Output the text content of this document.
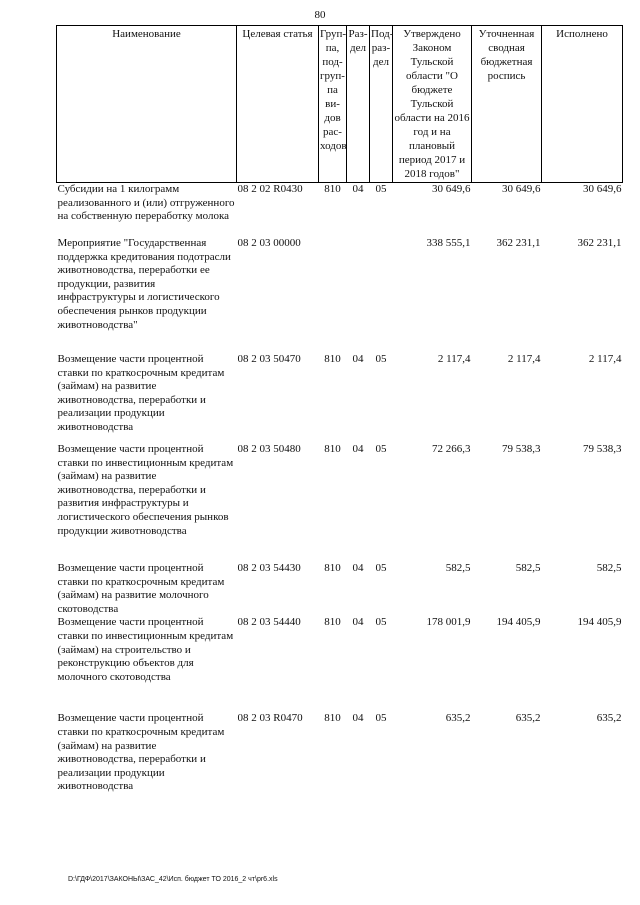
80
Наименование	Целевая статья	Груп-па, под-груп-па ви-дов рас-ходов	Раз-дел	Под-раз-дел	Утверждено Законом Тульской области "О бюджете Тульской области на 2016 год и на плановый период 2017 и 2018 годов"	Уточненная сводная бюджетная роспись	Исполнено
Субсидии на 1 килограмм реализованного и (или) отгруженного на собственную переработку молока	08 2 02 R0430	810	04	05	30 649,6	30 649,6	30 649,6
Мероприятие "Государственная поддержка кредитования подотрасли животноводства, переработки ее продукции, развития инфраструктуры и логистического обеспечения рынков продукции животноводства"	08 2 03 00000				338 555,1	362 231,1	362 231,1
Возмещение части процентной ставки по краткосрочным кредитам (займам) на развитие животноводства, переработки и реализации продукции животноводства	08 2 03 50470	810	04	05	2 117,4	2 117,4	2 117,4
Возмещение части процентной ставки по инвестиционным кредитам (займам) на развитие животноводства, переработки и развития инфраструктуры и логистического обеспечения рынков продукции животноводства	08 2 03 50480	810	04	05	72 266,3	79 538,3	79 538,3
Возмещение части процентной ставки по краткосрочным кредитам (займам) на развитие молочного скотоводства	08 2 03 54430	810	04	05	582,5	582,5	582,5
Возмещение части процентной ставки по инвестиционным кредитам (займам) на строительство и реконструкцию объектов для молочного скотоводства	08 2 03 54440	810	04	05	178 001,9	194 405,9	194 405,9
Возмещение части процентной ставки по краткосрочным кредитам (займам) на развитие животноводства, переработки и реализации продукции животноводства	08 2 03 R0470	810	04	05	635,2	635,2	635,2
D:\ГДФ\2017\ЗАКОНЫ\ЗАС_42\Исп. бюджет ТО 2016_2 чт\pr6.xls
